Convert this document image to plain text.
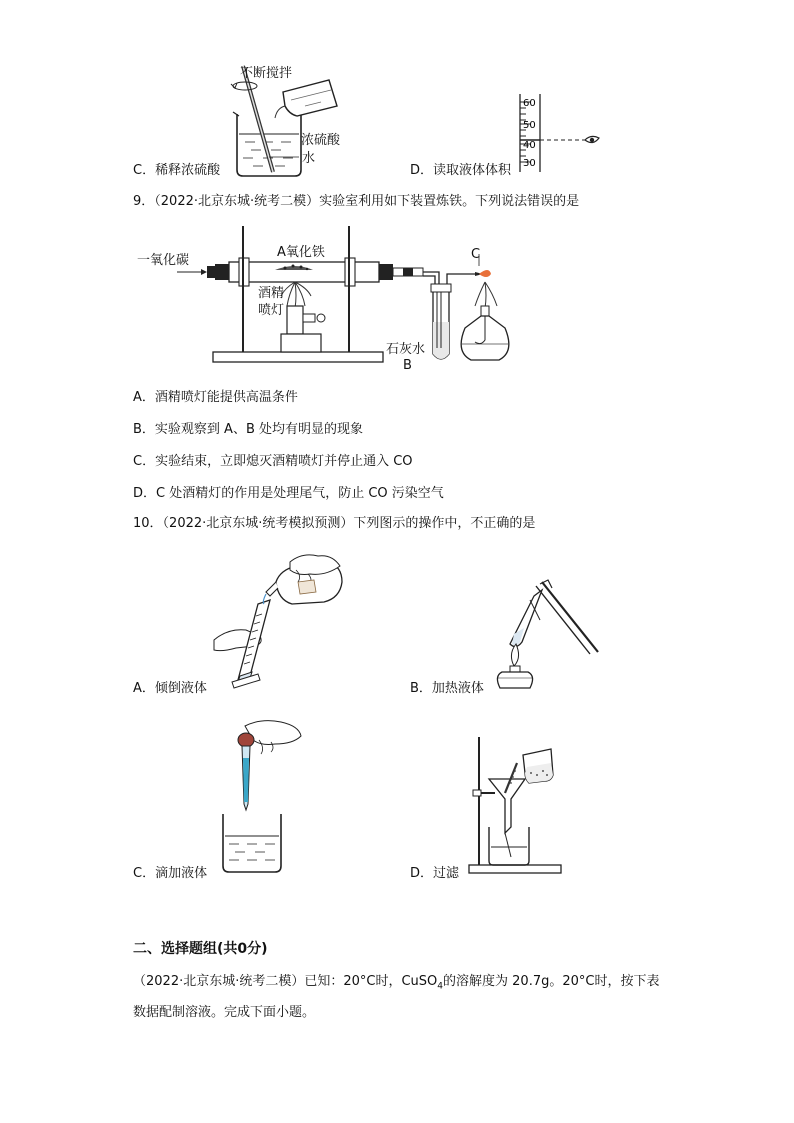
不断搅拌
浓硫酸
水
C．稀释浓硫酸
60
50
40
30
D．读取液体体积
9．（2022·北京东城·统考二模）实验室利用如下装置炼铁。下列说法错误的是
一氧化碳
A氧化铁
酒精
喷灯
石灰水
B
C
A．酒精喷灯能提供高温条件
B．实验观察到 A、B 处均有明显的现象
C．实验结束，立即熄灭酒精喷灯并停止通入 CO
D．C 处酒精灯的作用是处理尾气，防止 CO 污染空气
10．（2022·北京东城·统考模拟预测）下列图示的操作中，不正确的是
A．倾倒液体	B．加热液体
C．滴加液体	D．过滤
二、选择题组(共0分)
（2022·北京东城·统考二模）已知：20°C时，CuSO$_4$的溶解度为 20.7g。20°C时，按下表
数据配制溶液。完成下面小题。
